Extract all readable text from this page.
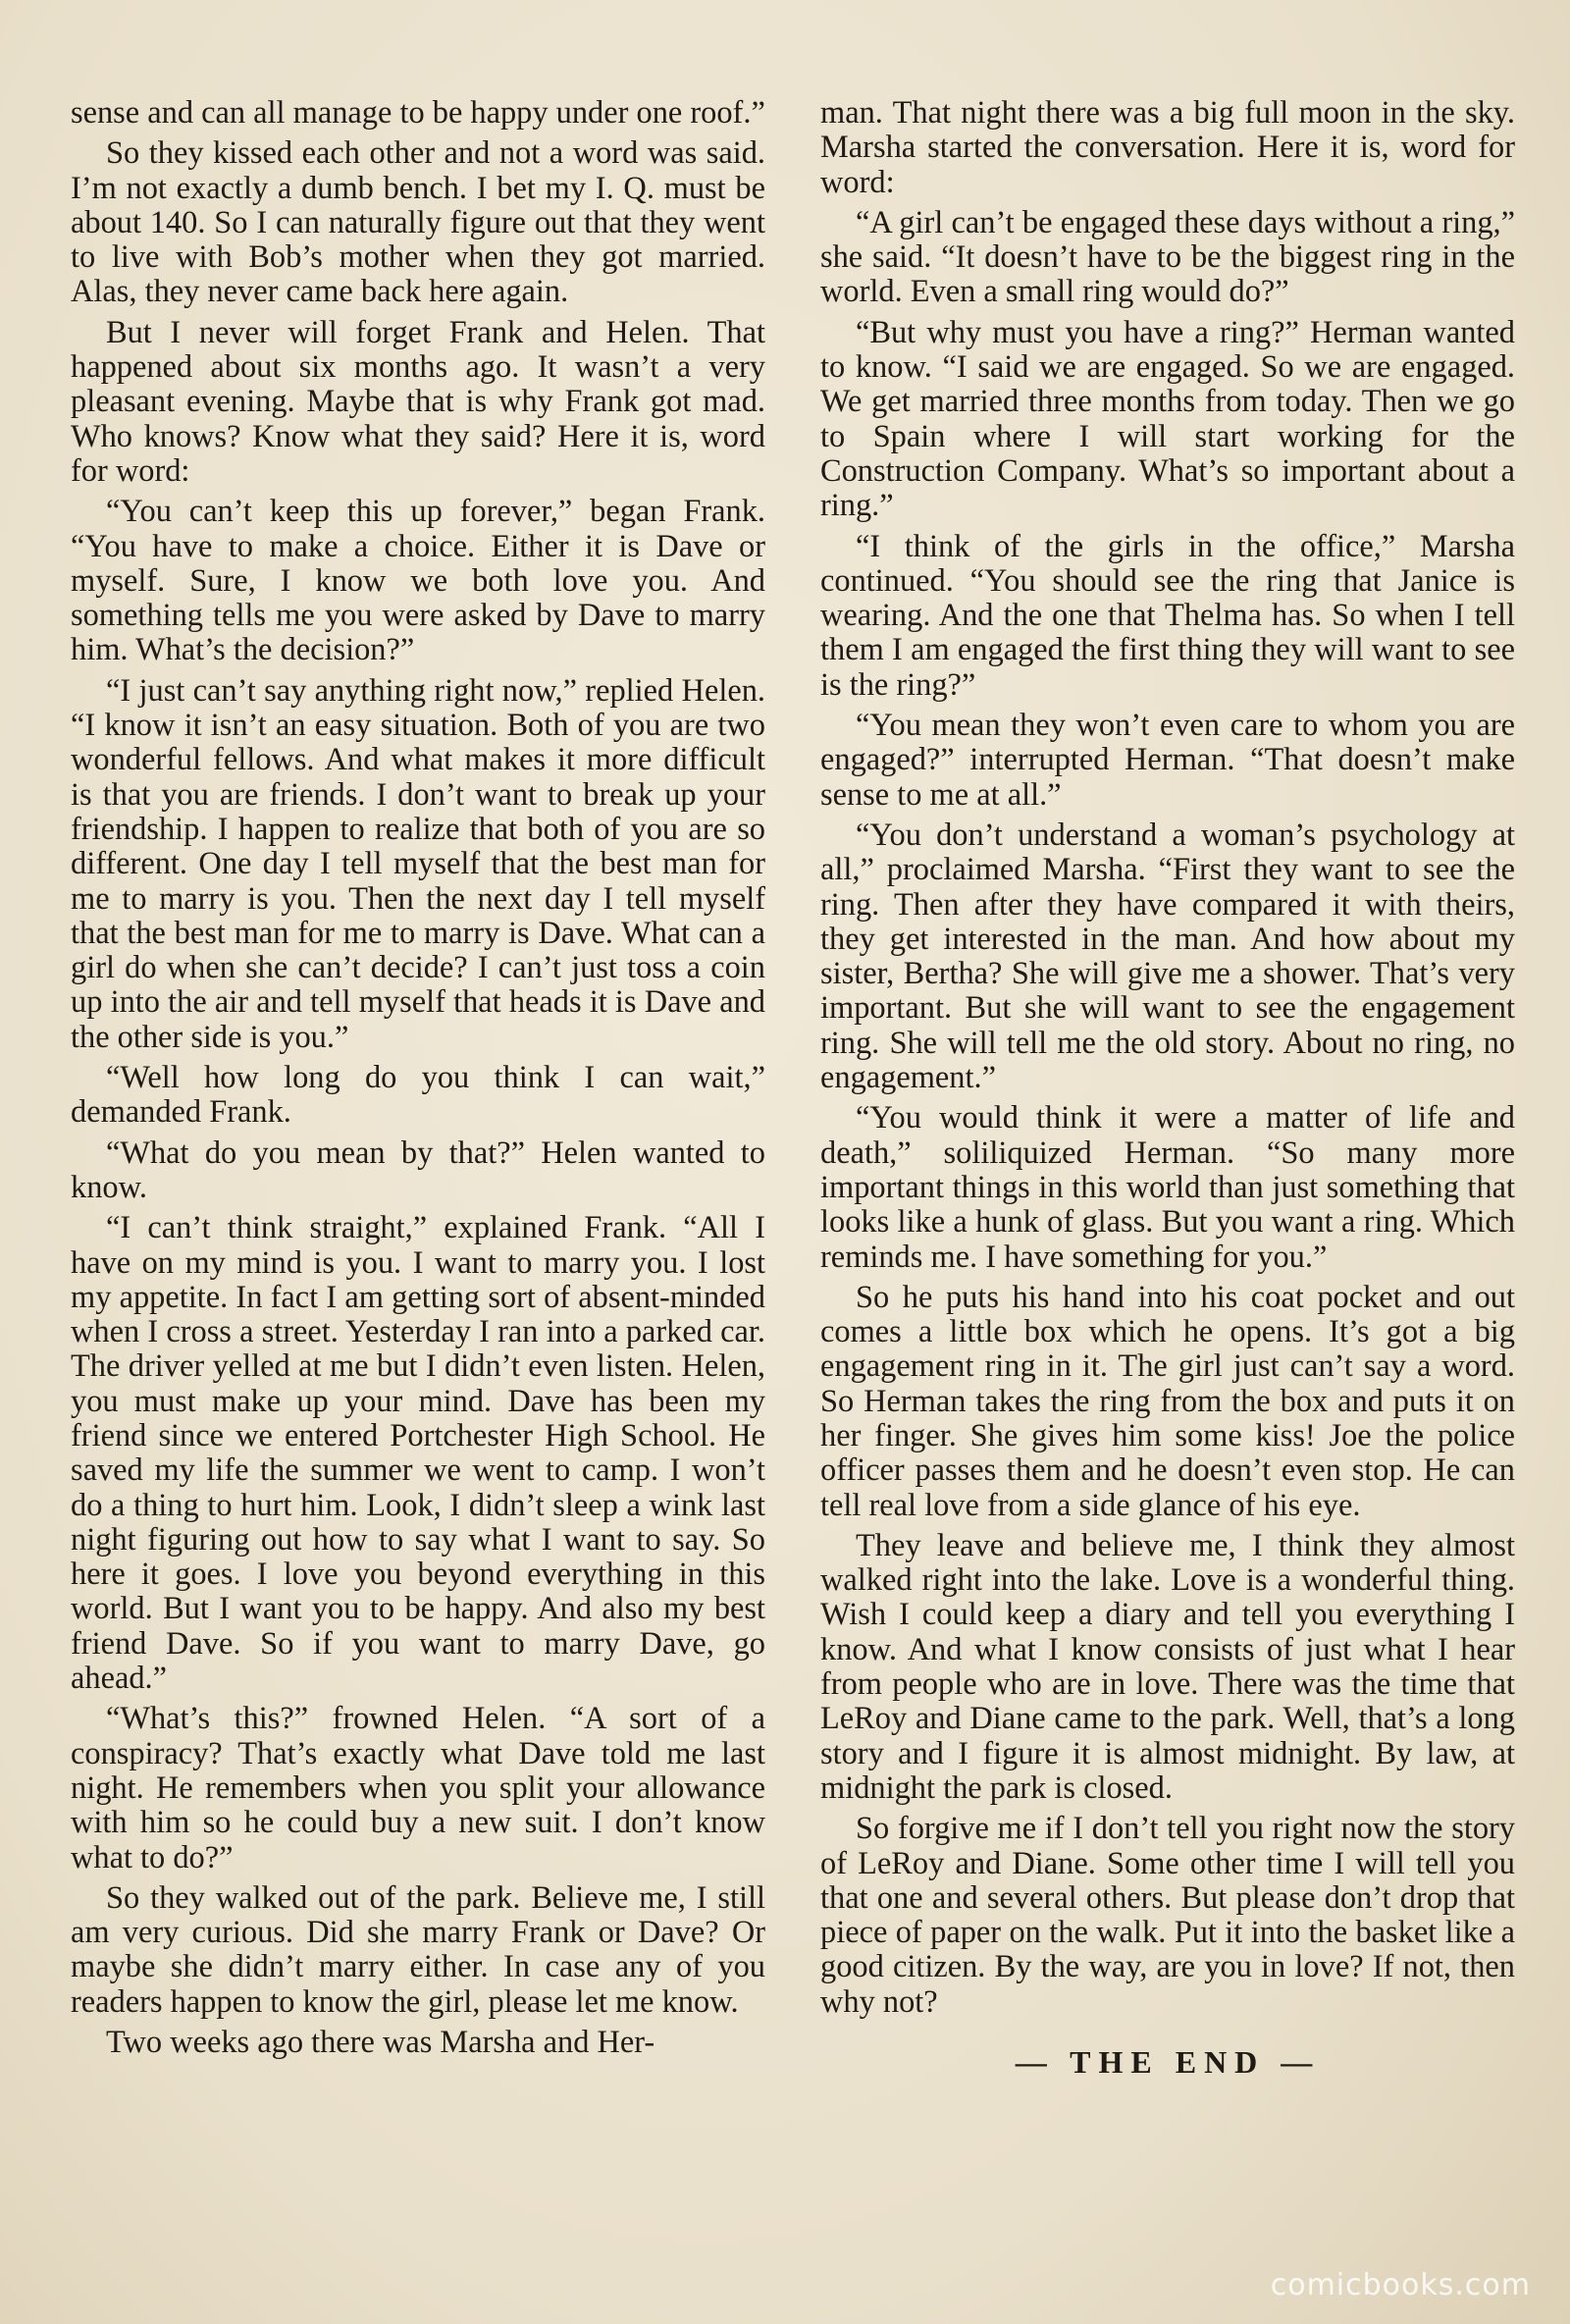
sense and can all manage to be happy under one roof.”

So they kissed each other and not a word was said. I’m not exactly a dumb bench. I bet my I. Q. must be about 140. So I can naturally figure out that they went to live with Bob’s mother when they got married. Alas, they never came back here again.

But I never will forget Frank and Helen. That happened about six months ago. It wasn’t a very pleasant evening. Maybe that is why Frank got mad. Who knows? Know what they said? Here it is, word for word:

“You can’t keep this up forever,” began Frank. “You have to make a choice. Either it is Dave or myself. Sure, I know we both love you. And something tells me you were asked by Dave to marry him. What’s the decision?”

“I just can’t say anything right now,” replied Helen. “I know it isn’t an easy situation. Both of you are two wonderful fellows. And what makes it more difficult is that you are friends. I don’t want to break up your friendship. I happen to realize that both of you are so different. One day I tell myself that the best man for me to marry is you. Then the next day I tell myself that the best man for me to marry is Dave. What can a girl do when she can’t decide? I can’t just toss a coin up into the air and tell myself that heads it is Dave and the other side is you.”

“Well how long do you think I can wait,” demanded Frank.

“What do you mean by that?” Helen wanted to know.

“I can’t think straight,” explained Frank. “All I have on my mind is you. I want to marry you. I lost my appetite. In fact I am getting sort of absent-minded when I cross a street. Yesterday I ran into a parked car. The driver yelled at me but I didn’t even listen. Helen, you must make up your mind. Dave has been my friend since we entered Portchester High School. He saved my life the summer we went to camp. I won’t do a thing to hurt him. Look, I didn’t sleep a wink last night figuring out how to say what I want to say. So here it goes. I love you beyond everything in this world. But I want you to be happy. And also my best friend Dave. So if you want to marry Dave, go ahead.”

“What’s this?” frowned Helen. “A sort of a conspiracy? That’s exactly what Dave told me last night. He remembers when you split your allowance with him so he could buy a new suit. I don’t know what to do?”

So they walked out of the park. Believe me, I still am very curious. Did she marry Frank or Dave? Or maybe she didn’t marry either. In case any of you readers happen to know the girl, please let me know.

Two weeks ago there was Marsha and Her-

man. That night there was a big full moon in the sky. Marsha started the conversation. Here it is, word for word:

“A girl can’t be engaged these days without a ring,” she said. “It doesn’t have to be the biggest ring in the world. Even a small ring would do?”

“But why must you have a ring?” Herman wanted to know. “I said we are engaged. So we are engaged. We get married three months from today. Then we go to Spain where I will start working for the Construction Company. What’s so important about a ring.”

“I think of the girls in the office,” Marsha continued. “You should see the ring that Janice is wearing. And the one that Thelma has. So when I tell them I am engaged the first thing they will want to see is the ring?”

“You mean they won’t even care to whom you are engaged?” interrupted Herman. “That doesn’t make sense to me at all.”

“You don’t understand a woman’s psychology at all,” proclaimed Marsha. “First they want to see the ring. Then after they have compared it with theirs, they get interested in the man. And how about my sister, Bertha? She will give me a shower. That’s very important. But she will want to see the engagement ring. She will tell me the old story. About no ring, no engagement.”

“You would think it were a matter of life and death,” soliliquized Herman. “So many more important things in this world than just something that looks like a hunk of glass. But you want a ring. Which reminds me. I have something for you.”

So he puts his hand into his coat pocket and out comes a little box which he opens. It’s got a big engagement ring in it. The girl just can’t say a word. So Herman takes the ring from the box and puts it on her finger. She gives him some kiss! Joe the police officer passes them and he doesn’t even stop. He can tell real love from a side glance of his eye.

They leave and believe me, I think they almost walked right into the lake. Love is a wonderful thing. Wish I could keep a diary and tell you everything I know. And what I know consists of just what I hear from people who are in love. There was the time that LeRoy and Diane came to the park. Well, that’s a long story and I figure it is almost midnight. By law, at midnight the park is closed.

So forgive me if I don’t tell you right now the story of LeRoy and Diane. Some other time I will tell you that one and several others. But please don’t drop that piece of paper on the walk. Put it into the basket like a good citizen. By the way, are you in love? If not, then why not?

— THE END —
comicbooks.com
